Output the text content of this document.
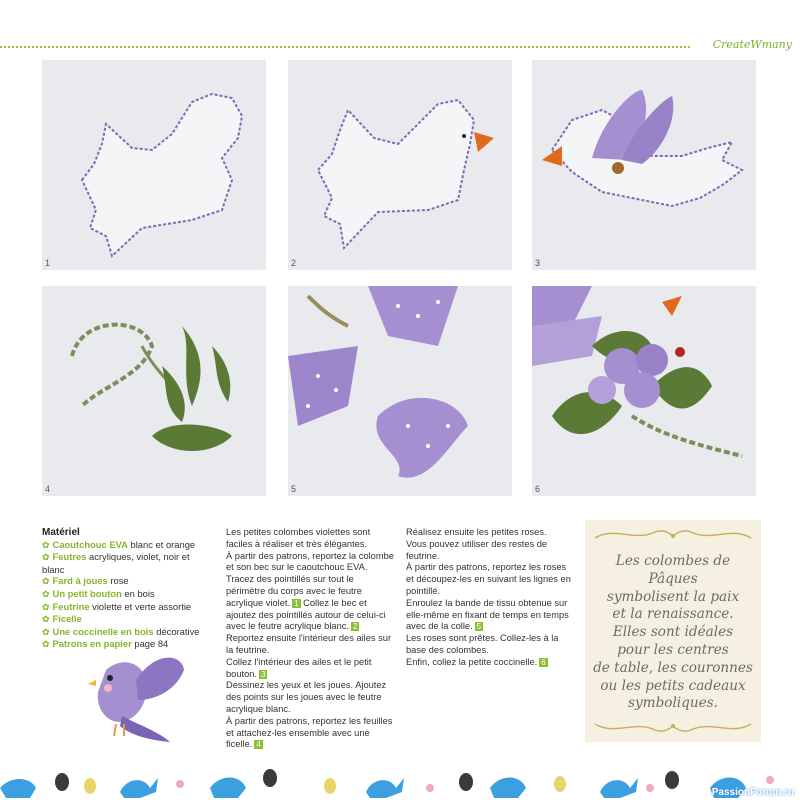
CreateWmany
1	2	3
4	5	6
Matériel

✿ Caoutchouc EVA blanc et orange

✿ Feutres acryliques, violet, noir et blanc

✿ Fard à joues rose

✿ Un petit bouton en bois

✿ Feutrine violette et verte assortie

✿ Ficelle

✿ Une coccinelle en bois décorative

✿ Patrons en papier page 84

Les petites colombes violettes sont faciles à réaliser et très élégantes.

À partir des patrons, reportez la colombe et son bec sur le caoutchouc EVA. Tracez des pointillés sur tout le périmètre du corps avec le feutre acrylique violet. 1 Collez le bec et ajoutez des pointillés autour de celui-ci avec le feutre acrylique blanc. 2

Reportez ensuite l'intérieur des ailes sur la feutrine.

Collez l'intérieur des ailes et le petit bouton. 3

Dessinez les yeux et les joues. Ajoutez des points sur les joues avec le feutre acrylique blanc.

À partir des patrons, reportez les feuilles et attachez-les ensemble avec une ficelle. 4

Réalisez ensuite les petites roses.

Vous pouvez utiliser des restes de feutrine.

À partir des patrons, reportez les roses et découpez-les en suivant les lignes en pointillé.

Enroulez la bande de tissu obtenue sur elle-même en fixant de temps en temps avec de la colle. 5

Les roses sont prêtes. Collez-les à la base des colombes.

Enfin, collez la petite coccinelle. 6

Les colombes de Pâques
symbolisent la paix
et la renaissance.
Elles sont idéales
pour les centres
de table, les couronnes
ou les petits cadeaux
symboliques.
PassionForum.ru
